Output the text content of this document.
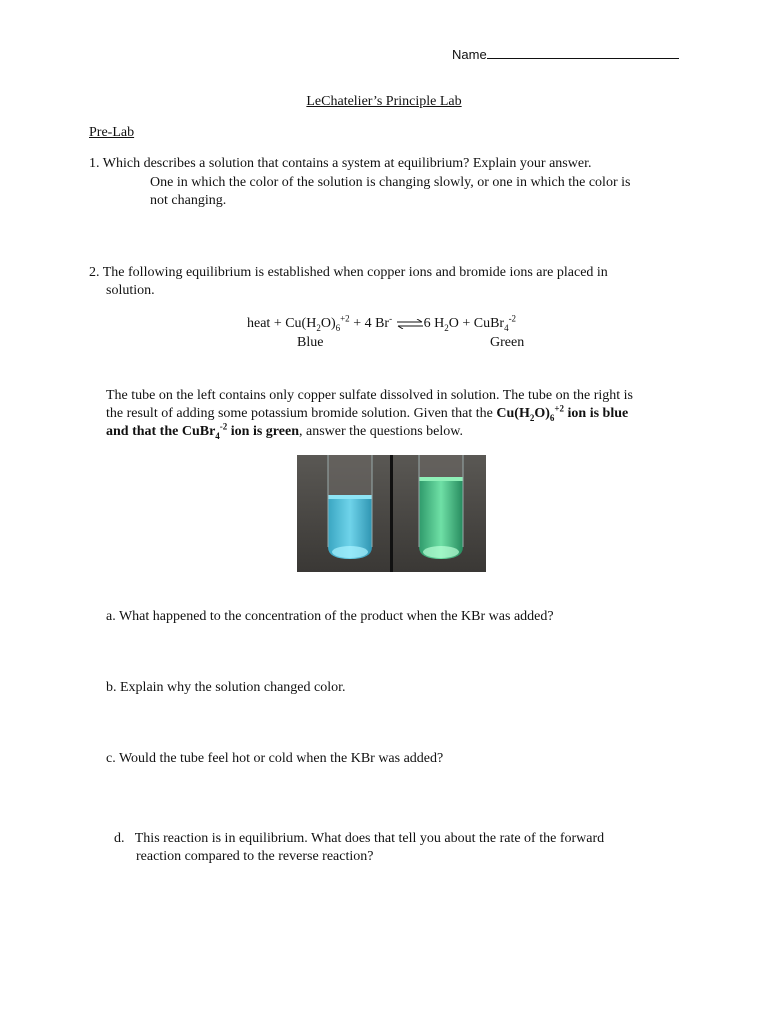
Name
LeChatelier’s Principle Lab
Pre-Lab
1. Which describes a solution that contains a system at equilibrium? Explain your answer.
One in which the color of the solution is changing slowly, or one in which the color is
not changing.
2. The following equilibrium is established when copper ions and bromide ions are placed in
solution.
heat + $Cu(H_2O)_6^{+2} + 4$ Br- ⇌6 $H_2O$ + CuBr$_4^{-2}$
Blue	Green
The tube on the left contains only copper sulfate dissolved in solution. The tube on the right is
the result of adding some potassium bromide solution. Given that the $Cu(H_2O)_6^{+2}$ ion is blue
and that the CuBr$_4^{-2}$ ion is green, answer the questions below.
a. What happened to the concentration of the product when the KBr was added?
b. Explain why the solution changed color.
c. Would the tube feel hot or cold when the KBr was added?
d.   This reaction is in equilibrium. What does that tell you about the rate of the forward
reaction compared to the reverse reaction?
